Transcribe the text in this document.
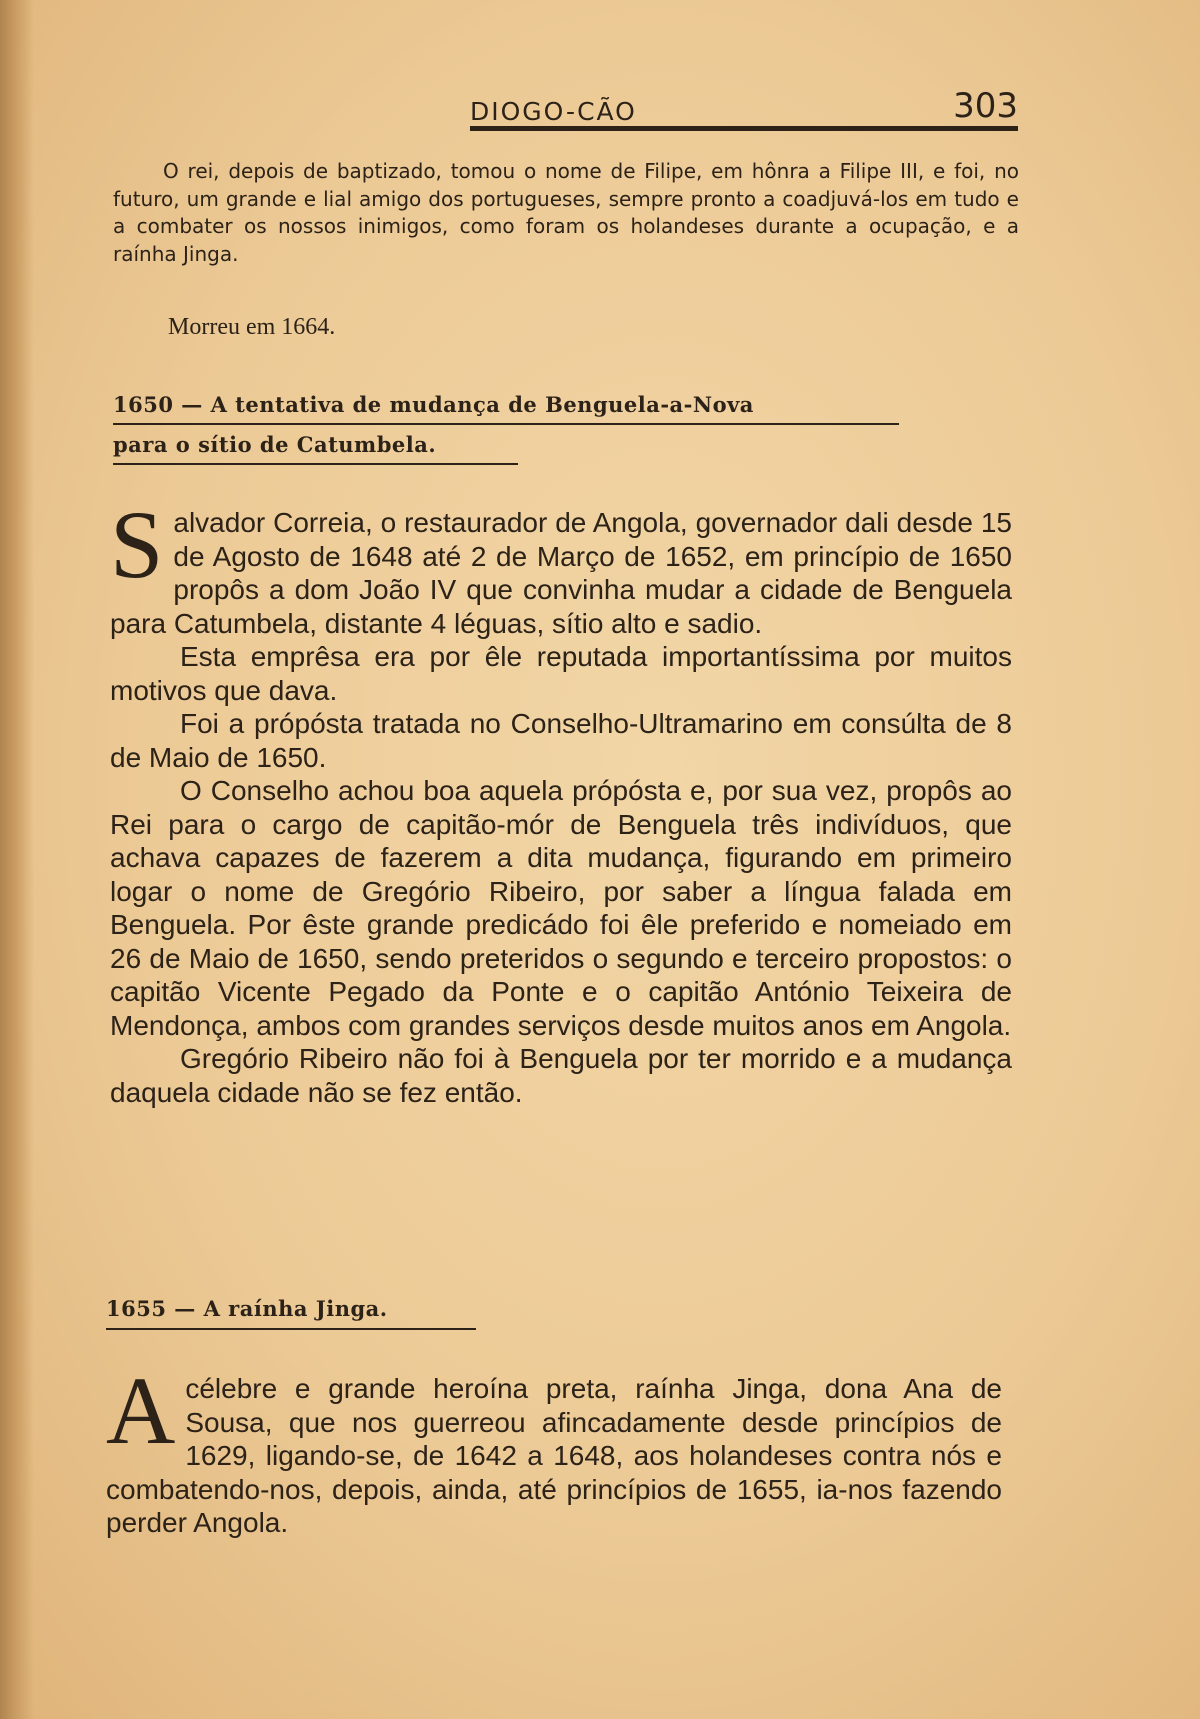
DIOGO-CÃO	303

O rei, depois de baptizado, tomou o nome de Filipe, em hônra a Filipe III, e foi, no futuro, um grande e lial amigo dos portugueses, sempre pronto a coadjuvá-los em tudo e a combater os nossos inimigos, como foram os holandeses durante a ocupação, e a raínha Jinga.

Morreu em 1664.

1650 — A tentativa de mudança de Benguela-a-Nova
para o sítio de Catumbela.

Salvador Correia, o restaurador de Angola, governador dali desde 15 de Agosto de 1648 até 2 de Março de 1652, em princípio de 1650 propôs a dom João IV que convinha mudar a cidade de Benguela para Catumbela, distante 4 léguas, sítio alto e sadio.

Esta emprêsa era por êle reputada importantíssima por muitos motivos que dava.

Foi a própósta tratada no Conselho-Ultramarino em consúlta de 8 de Maio de 1650.

O Conselho achou boa aquela própósta e, por sua vez, propôs ao Rei para o cargo de capitão-mór de Benguela três indivíduos, que achava capazes de fazerem a dita mudança, figurando em primeiro logar o nome de Gregório Ribeiro, por saber a língua falada em Benguela. Por êste grande predicádo foi êle preferido e nomeiado em 26 de Maio de 1650, sendo preteridos o segundo e terceiro propostos: o capitão Vicente Pegado da Ponte e o capitão António Teixeira de Mendonça, ambos com grandes serviços desde muitos anos em Angola.

Gregório Ribeiro não foi à Benguela por ter morrido e a mudança daquela cidade não se fez então.

1655 — A raínha Jinga.

Acélebre e grande heroína preta, raínha Jinga, dona Ana de Sousa, que nos guerreou afincadamente desde princípios de 1629, ligando-se, de 1642 a 1648, aos holandeses contra nós e combatendo-nos, depois, ainda, até princípios de 1655, ia-nos fazendo perder Angola.
